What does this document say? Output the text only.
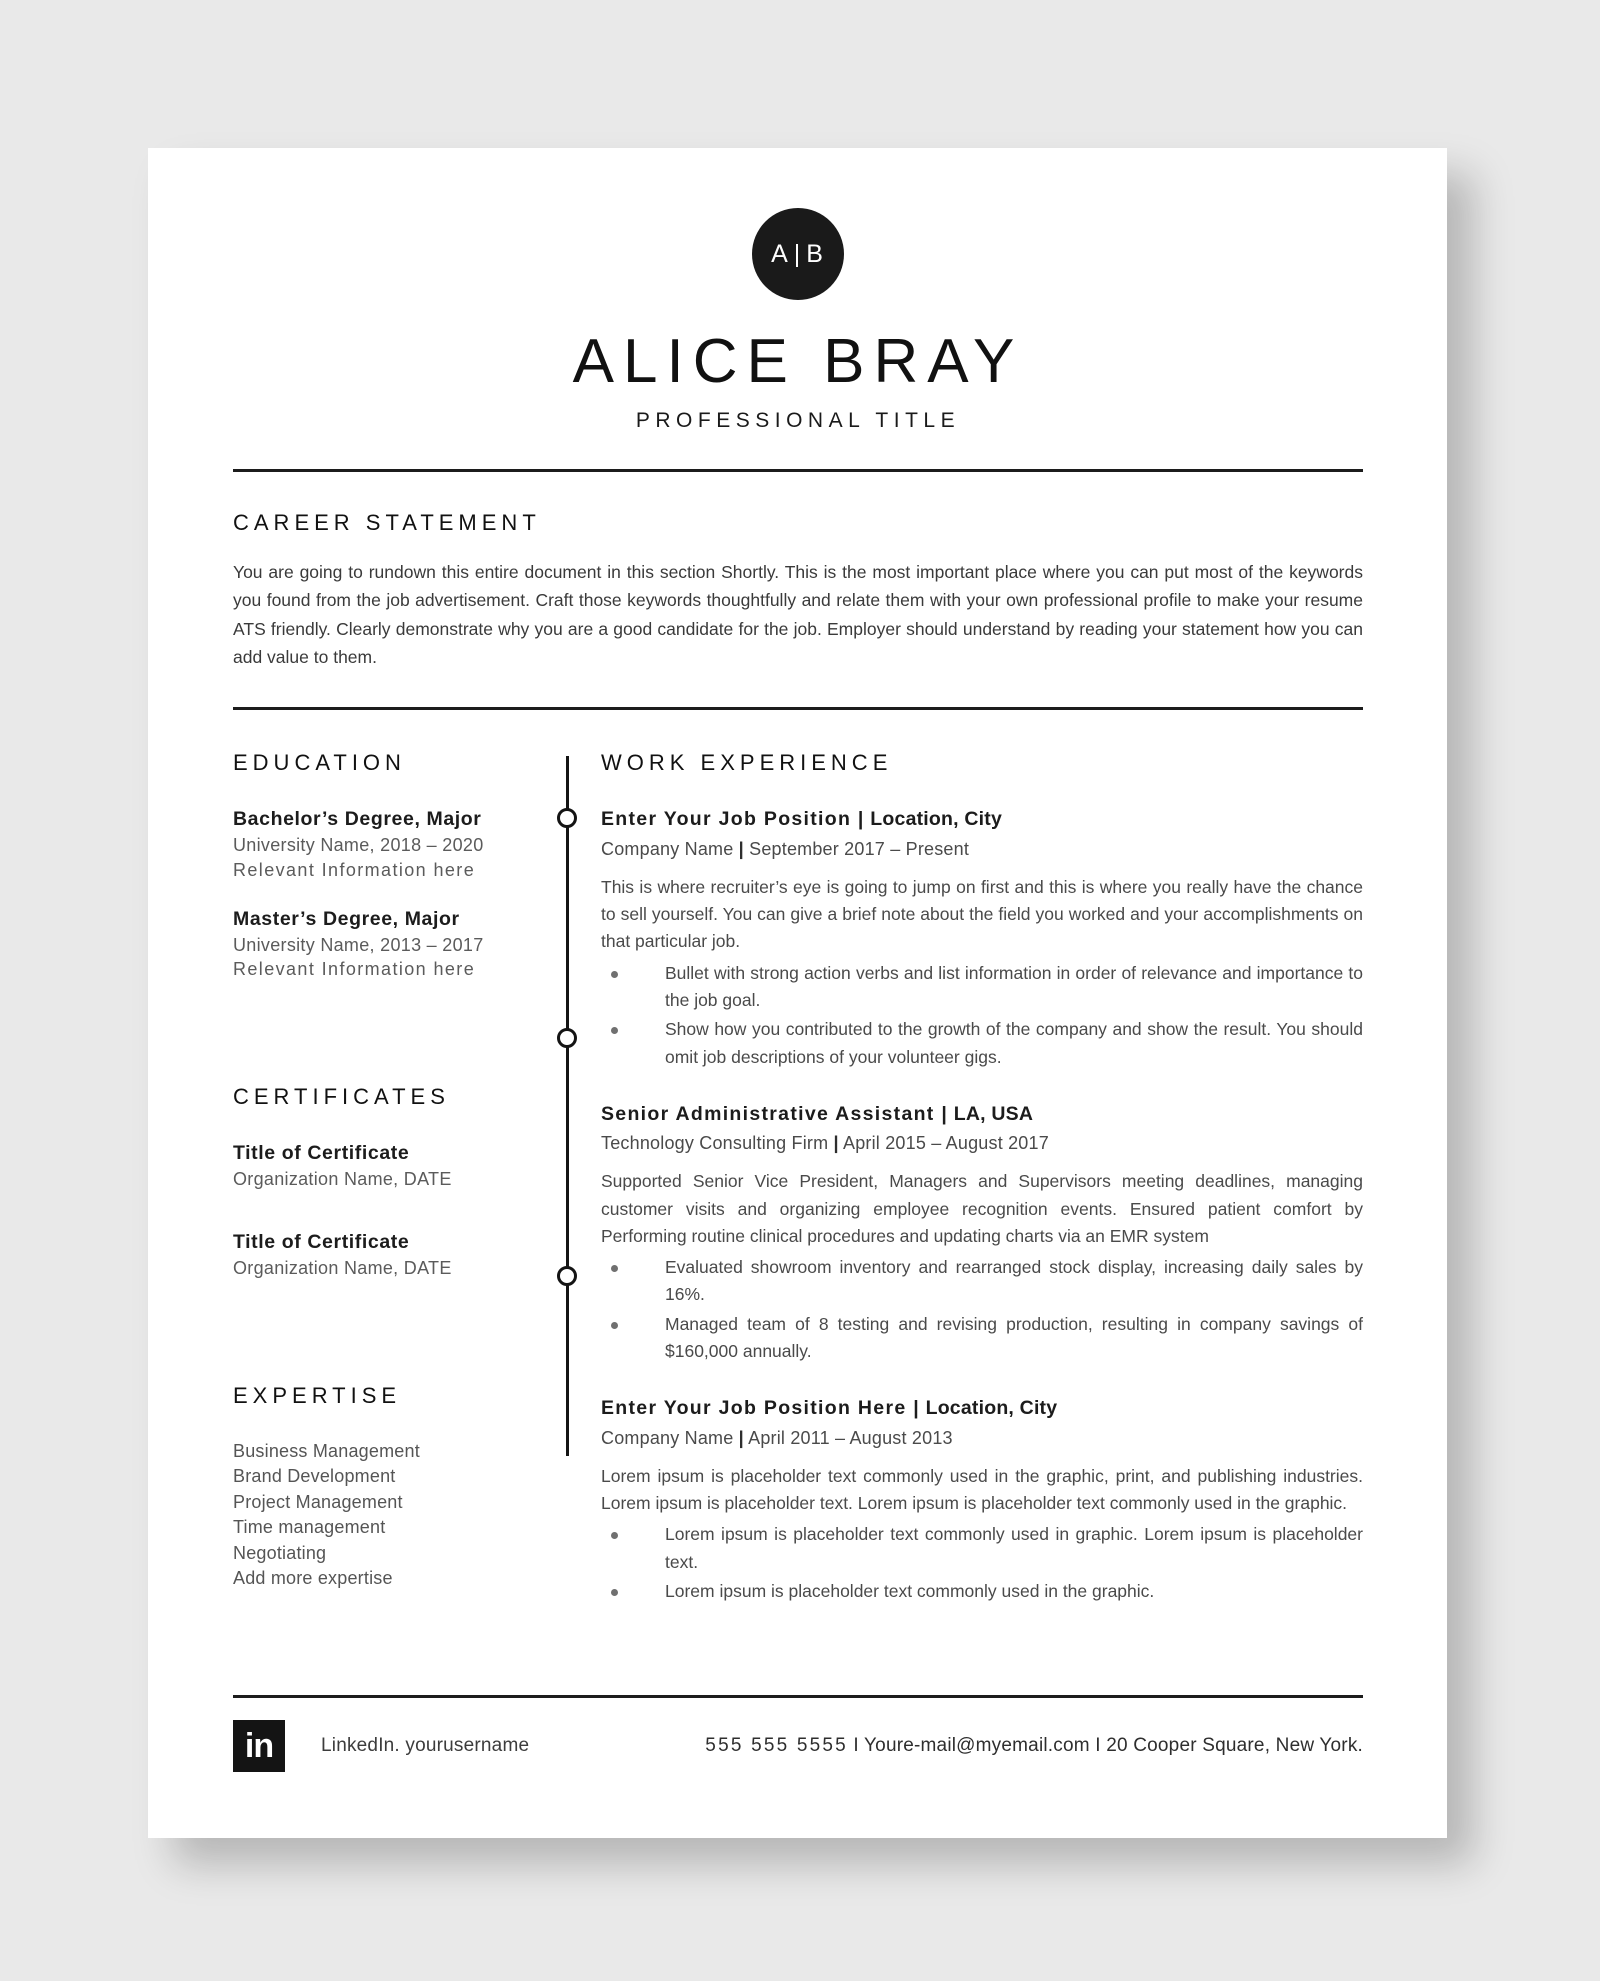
A | B
ALICE BRAY
PROFESSIONAL TITLE
CAREER STATEMENT
You are going to rundown this entire document in this section Shortly. This is the most important place where you can put most of the keywords you found from the job advertisement. Craft those keywords thoughtfully and relate them with your own professional profile to make your resume ATS friendly. Clearly demonstrate why you are a good candidate for the job. Employer should understand by reading your statement how you can add value to them.
EDUCATION
Bachelor’s Degree, Major
University Name, 2018 – 2020
Relevant Information here
Master’s Degree, Major
University Name, 2013 – 2017
Relevant Information here
CERTIFICATES
Title of Certificate
Organization Name, DATE
Title of Certificate
Organization Name, DATE
EXPERTISE
Business Management
Brand Development
Project Management
Time management
Negotiating
Add more expertise
WORK EXPERIENCE
Enter Your Job Position | Location, City
Company Name | September 2017 – Present
This is where recruiter’s eye is going to jump on first and this is where you really have the chance to sell yourself. You can give a brief note about the field you worked and your accomplishments on that particular job.
Bullet with strong action verbs and list information in order of relevance and importance to the job goal.
Show how you contributed to the growth of the company and show the result. You should omit job descriptions of your volunteer gigs.
Senior Administrative Assistant | LA, USA
Technology Consulting Firm | April 2015 – August 2017
Supported Senior Vice President, Managers and Supervisors meeting deadlines, managing customer visits and organizing employee recognition events. Ensured patient comfort by Performing routine clinical procedures and updating charts via an EMR system
Evaluated showroom inventory and rearranged stock display, increasing daily sales by 16%.
Managed team of 8 testing and revising production, resulting in company savings of $160,000 annually.
Enter Your Job Position Here | Location, City
Company Name | April 2011 – August 2013
Lorem ipsum is placeholder text commonly used in the graphic, print, and publishing industries. Lorem ipsum is placeholder text. Lorem ipsum is placeholder text commonly used in the graphic.
Lorem ipsum is placeholder text commonly used in graphic. Lorem ipsum is placeholder text.
Lorem ipsum is placeholder text commonly used in the graphic.
in	LinkedIn. yourusername	555 555 5555 I Youre-mail@myemail.com I 20 Cooper Square, New York.
